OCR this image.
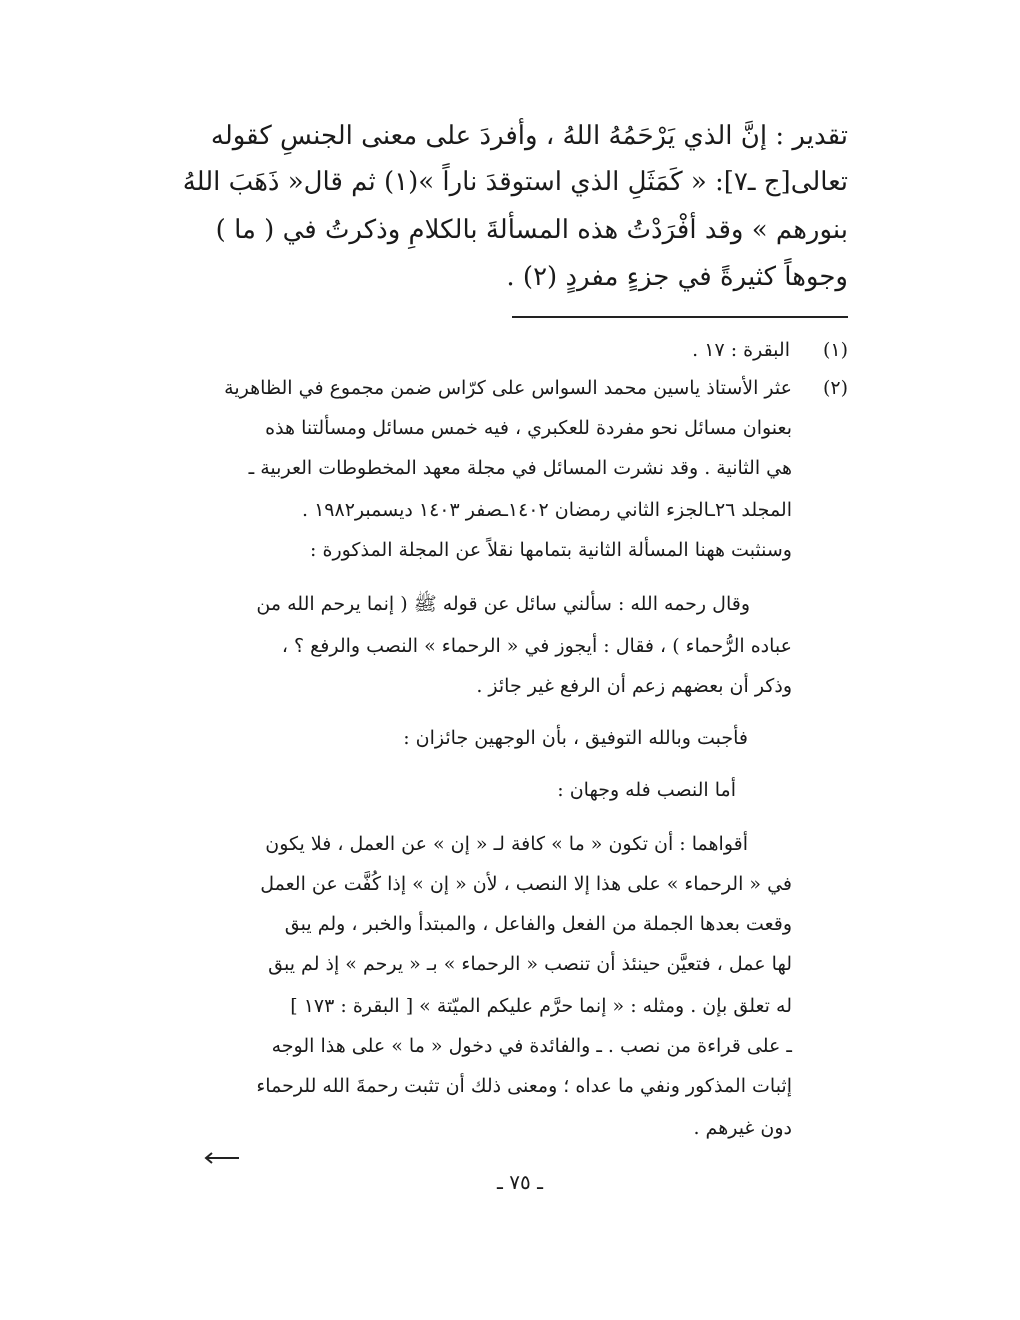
تقدير : إنَّ الذي يَرْحَمُهُ اللهُ ، وأفردَ على معنى الجنسِ كقوله
تعالى[ج ـ٧]: « كَمَثَلِ الذي استوقدَ ناراً »(١) ثم قال« ذَهَبَ اللهُ
بنورهم » وقد أفْرَدْتُ هذه المسألةَ بالكلامِ وذكرتُ في ( ما )
وجوهاً كثيرةً في جزءٍ مفردٍ (٢) .
(١)
البقرة : ١٧ .
(٢)
عثر الأستاذ ياسين محمد السواس على كرّاس ضمن مجموع في الظاهرية
بعنوان مسائل نحو مفردة للعكبري ، فيه خمس مسائل ومسألتنا هذه
هي الثانية . وقد نشرت المسائل في مجلة معهد المخطوطات العربية ـ
المجلد ٢٦ـالجزء الثاني رمضان ١٤٠٢ـصفر ١٤٠٣ ديسمبر١٩٨٢ .
وسنثبت ههنا المسألة الثانية بتمامها نقلاً عن المجلة المذكورة :
وقال رحمه الله : سألني سائل عن قوله ﷺ ( إنما يرحم الله من
عباده الرُّحماء ) ، فقال : أيجوز في « الرحماء » النصب والرفع ؟ ،
وذكر أن بعضهم زعم أن الرفع غير جائز .
فأجبت وبالله التوفيق ، بأن الوجهين جائزان :
أما النصب فله وجهان :
أقواهما : أن تكون « ما » كافة لـ « إن » عن العمل ، فلا يكون
في « الرحماء » على هذا إلا النصب ، لأن « إن » إذا كُفَّت عن العمل
وقعت بعدها الجملة من الفعل والفاعل ، والمبتدأ والخبر ، ولم يبق
لها عمل ، فتعيَّن حينئذ أن تنصب « الرحماء » بـ « يرحم » إذ لم يبق
له تعلق بإن . ومثله : « إنما حرَّم عليكم الميّتة » [ البقرة : ١٧٣ ]
ـ على قراءة من نصب . ـ والفائدة في دخول « ما » على هذا الوجه
إثبات المذكور ونفي ما عداه ؛ ومعنى ذلك أن تثبت رحمةَ الله للرحماء
دون غيرهم .
ـ ٧٥ ـ
